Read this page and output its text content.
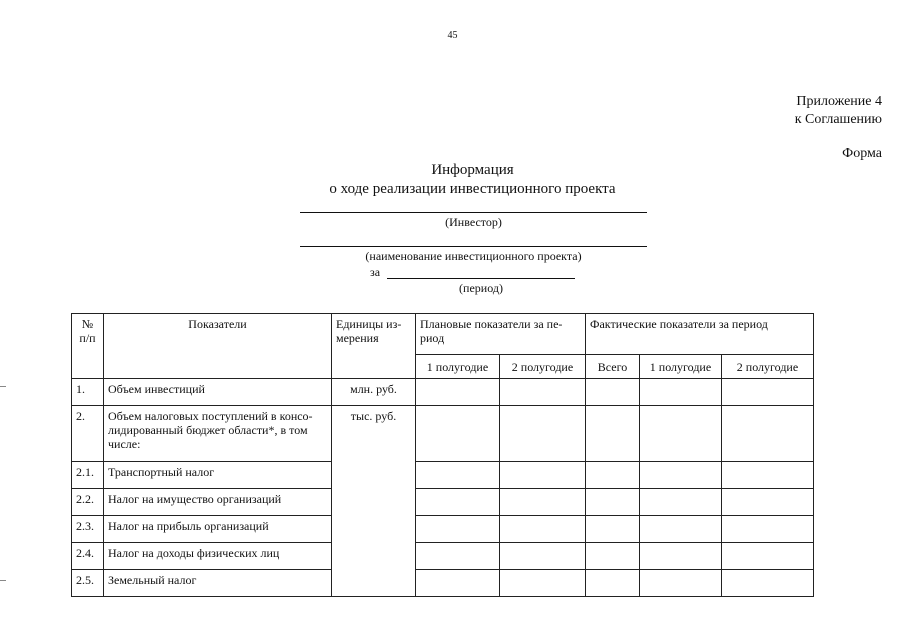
45
Приложение 4
к Соглашению
Форма
Информация
о ходе реализации инвестиционного проекта
(Инвестор)
(наименование инвестиционного проекта)
за
(период)
№ п/п	Показатели	Единицы из-мерения	Плановые показатели за пе-риод		Фактические показатели за период		
			1 полугодие	2 полугодие	Всего	1 полугодие	2 полугодие
1.	Объем инвестиций	млн. руб.					
2.	Объем налоговых поступлений в консо-лидированный бюджет области*, в том числе:	тыс. руб.					
2.1.	Транспортный налог						
2.2.	Налог на имущество организаций						
2.3.	Налог на прибыль организаций						
2.4.	Налог на доходы физических лиц						
2.5.	Земельный налог						
